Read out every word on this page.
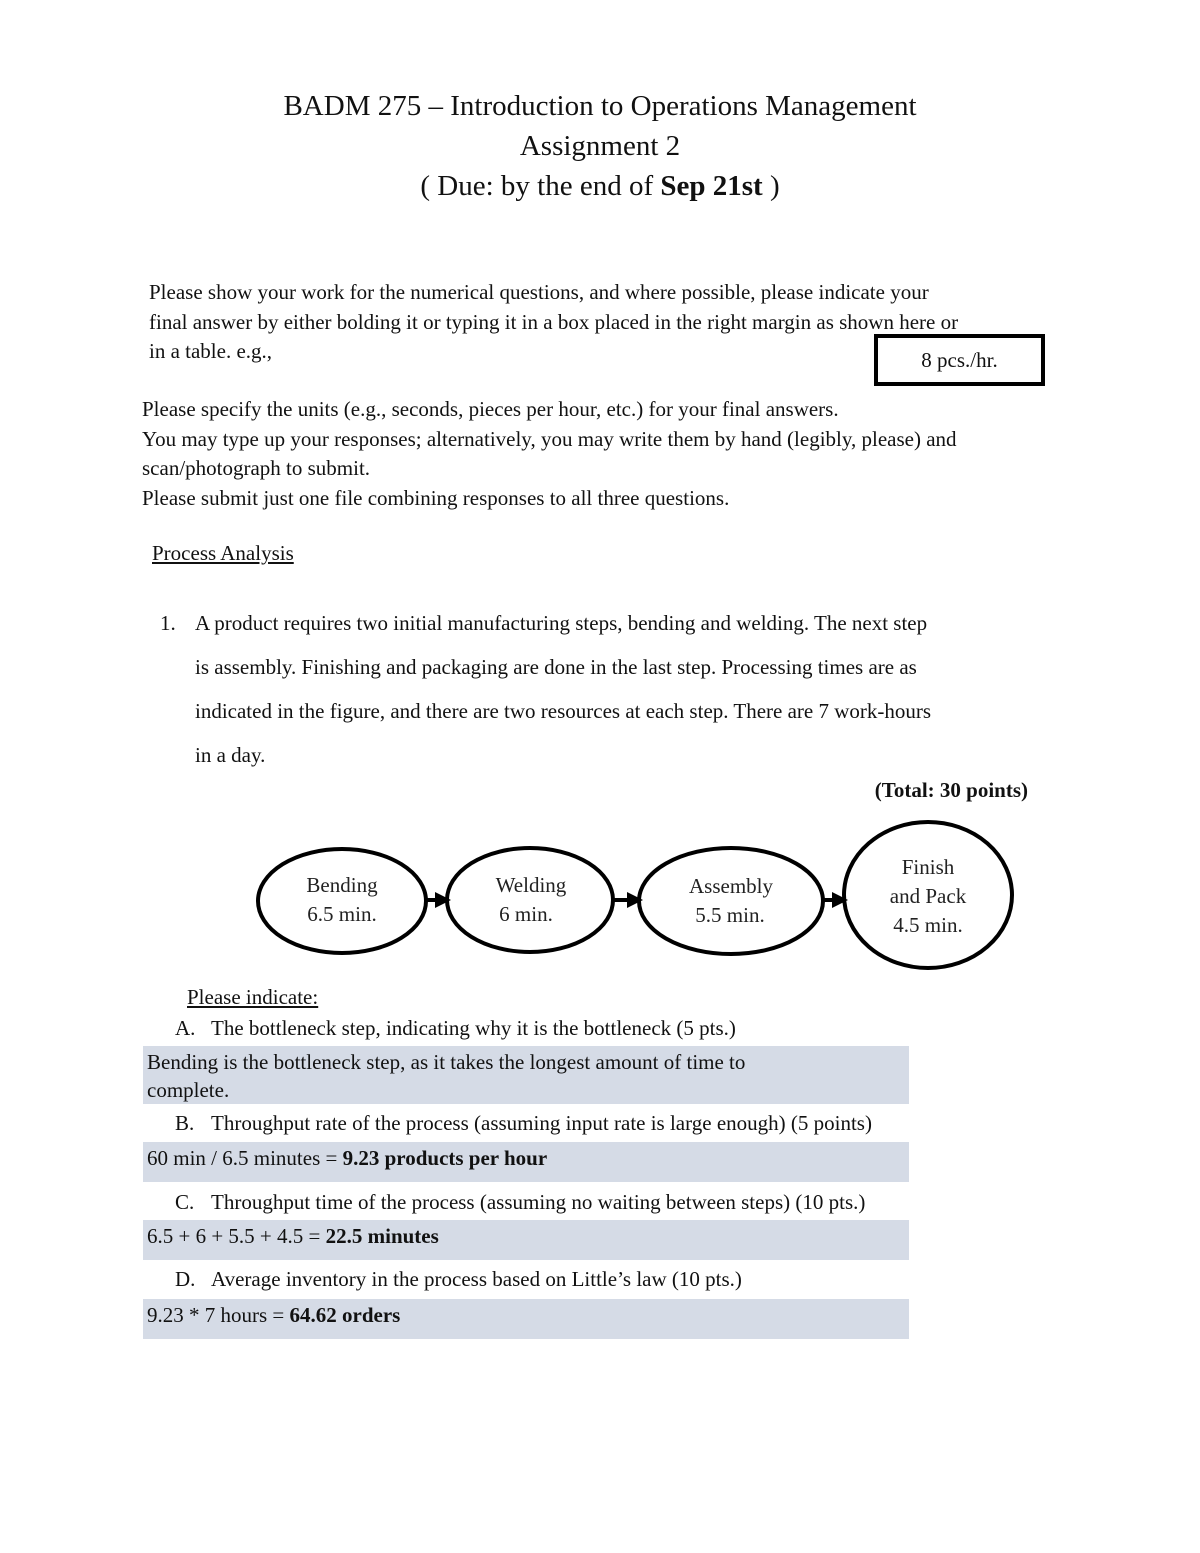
BADM 275 – Introduction to Operations Management
Assignment 2
( Due: by the end of Sep 21st )
Please show your work for the numerical questions, and where possible, please indicate your
final answer by either bolding it or typing it in a box placed in the right margin as shown here or
in a table. e.g.,	8 pcs./hr.
Please specify the units (e.g., seconds, pieces per hour, etc.) for your final answers.
You may type up your responses; alternatively, you may write them by hand (legibly, please) and
scan/photograph to submit.
Please submit just one file combining responses to all three questions.
Process Analysis
1. A product requires two initial manufacturing steps, bending and welding. The next step
is assembly. Finishing and packaging are done in the last step. Processing times are as
indicated in the figure, and there are two resources at each step. There are 7 work-hours
in a day.
(Total: 30 points)
Bending
6.5 min.
Welding
6 min.
Assembly
5.5 min.
Finish
and Pack
4.5 min.
Please indicate:
A. The bottleneck step, indicating why it is the bottleneck (5 pts.)
Bending is the bottleneck step, as it takes the longest amount of time to
complete.
B. Throughput rate of the process (assuming input rate is large enough) (5 points)
60 min / 6.5 minutes = 9.23 products per hour
C. Throughput time of the process (assuming no waiting between steps) (10 pts.)
6.5 + 6 + 5.5 + 4.5 = 22.5 minutes
D. Average inventory in the process based on Little’s law (10 pts.)
9.23 * 7 hours = 64.62 orders
